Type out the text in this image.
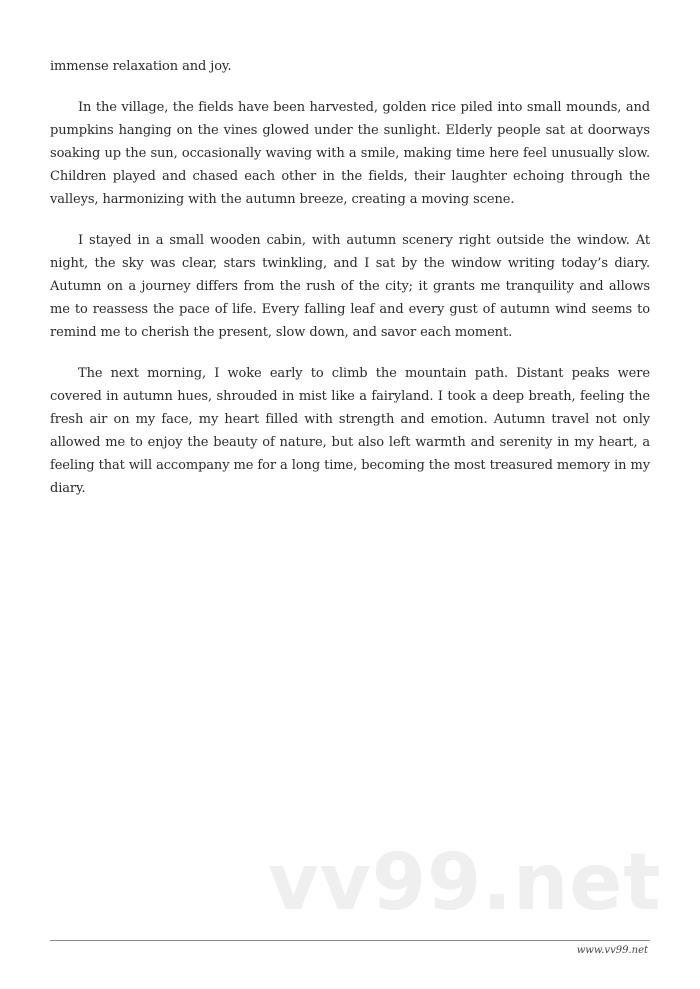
immense relaxation and joy.

In the village, the fields have been harvested, golden rice piled into small mounds, and pumpkins hanging on the vines glowed under the sunlight. Elderly people sat at doorways soaking up the sun, occasionally waving with a smile, making time here feel unusually slow. Children played and chased each other in the fields, their laughter echoing through the valleys, harmonizing with the autumn breeze, creating a moving scene.

I stayed in a small wooden cabin, with autumn scenery right outside the window. At night, the sky was clear, stars twinkling, and I sat by the window writing today’s diary. Autumn on a journey differs from the rush of the city; it grants me tranquility and allows me to reassess the pace of life. Every falling leaf and every gust of autumn wind seems to remind me to cherish the present, slow down, and savor each moment.

The next morning, I woke early to climb the mountain path. Distant peaks were covered in autumn hues, shrouded in mist like a fairyland. I took a deep breath, feeling the fresh air on my face, my heart filled with strength and emotion. Autumn travel not only allowed me to enjoy the beauty of nature, but also left warmth and serenity in my heart, a feeling that will accompany me for a long time, becoming the most treasured memory in my diary.

vv99.net
www.vv99.net
